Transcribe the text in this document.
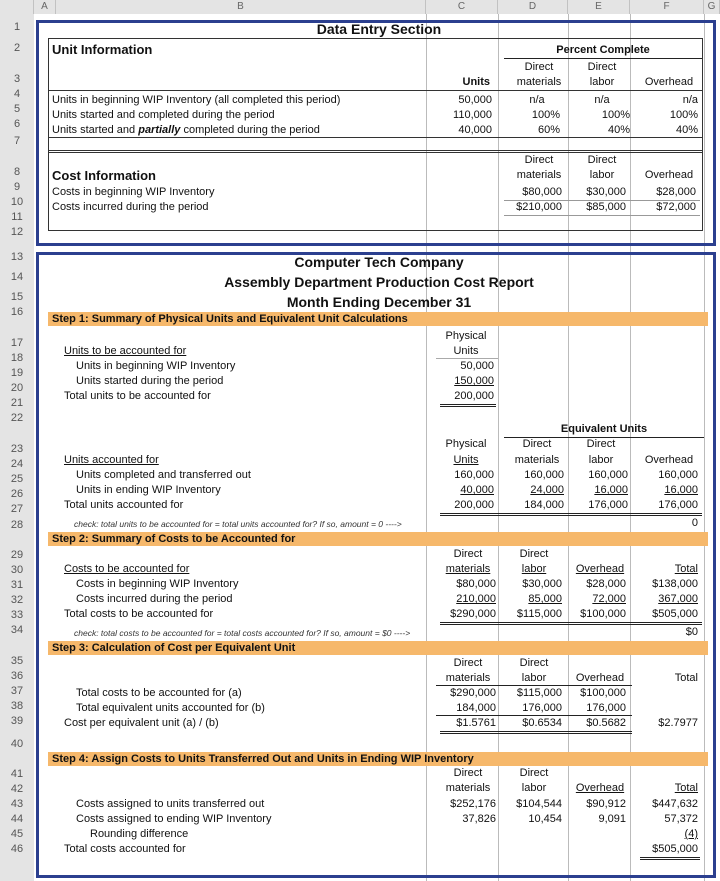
A	B	C	D	E	F	G
1
2
3
4
5
6
7
8
9
10
11
12
13
14
15
16
17
18
19
20
21
22
23
24
25
26
27
28
29
30
31
32
33
34
35
36
37
38
39
40
41
42
43
44
45
46
Data Entry Section
Unit Information	Percent Complete
Direct	Direct
Units	materials	labor	Overhead
Units in beginning WIP Inventory (all completed this period)	50,000	n/a	n/a	n/a
Units started and completed during the period	110,000	100%	100%	100%
Units started and partially completed during the period	40,000	60%	40%	40%
Direct	Direct
Cost Information	materials	labor	Overhead
Costs in beginning WIP Inventory	$80,000	$30,000	$28,000
Costs incurred during the period	$210,000	$85,000	$72,000
Computer Tech Company
Assembly Department Production Cost Report
Month Ending December 31
Step 1: Summary of Physical Units and Equivalent Unit Calculations
Physical
Units
Units to be accounted for
Units in beginning WIP Inventory	50,000
Units started during the period	150,000
Total units to be accounted for	200,000
Equivalent Units
Physical	Direct	Direct
Units accounted for	Units	materials	labor	Overhead
Units completed and transferred out	160,000	160,000	160,000	160,000
Units in ending WIP Inventory	40,000	24,000	16,000	16,000
Total units accounted for	200,000	184,000	176,000	176,000
check: total units to be accounted for = total units accounted for? If so, amount = 0 ---->	0
Step 2: Summary of Costs to be Accounted for
Direct	Direct
Costs to be accounted for	materials	labor	Overhead	Total
Costs in beginning WIP Inventory	$80,000	$30,000	$28,000	$138,000
Costs incurred during the period	210,000	85,000	72,000	367,000
Total costs to be accounted for	$290,000	$115,000	$100,000	$505,000
check: total costs to be accounted for = total costs accounted for? If so, amount = $0 ---->	$0
Step 3: Calculation of Cost per Equivalent Unit
Direct	Direct
materials	labor	Overhead	Total
Total costs to be accounted for (a)	$290,000	$115,000	$100,000
Total equivalent units accounted for (b)	184,000	176,000	176,000
Cost per equivalent unit (a) / (b)	$1.5761	$0.6534	$0.5682	$2.7977
Step 4: Assign Costs to Units Transferred Out and Units in Ending WIP Inventory
Direct	Direct
materials	labor	Overhead	Total
Costs assigned to units transferred out	$252,176	$104,544	$90,912	$447,632
Costs assigned to ending WIP Inventory	37,826	10,454	9,091	57,372
Rounding difference	(4)
Total costs accounted for	$505,000
